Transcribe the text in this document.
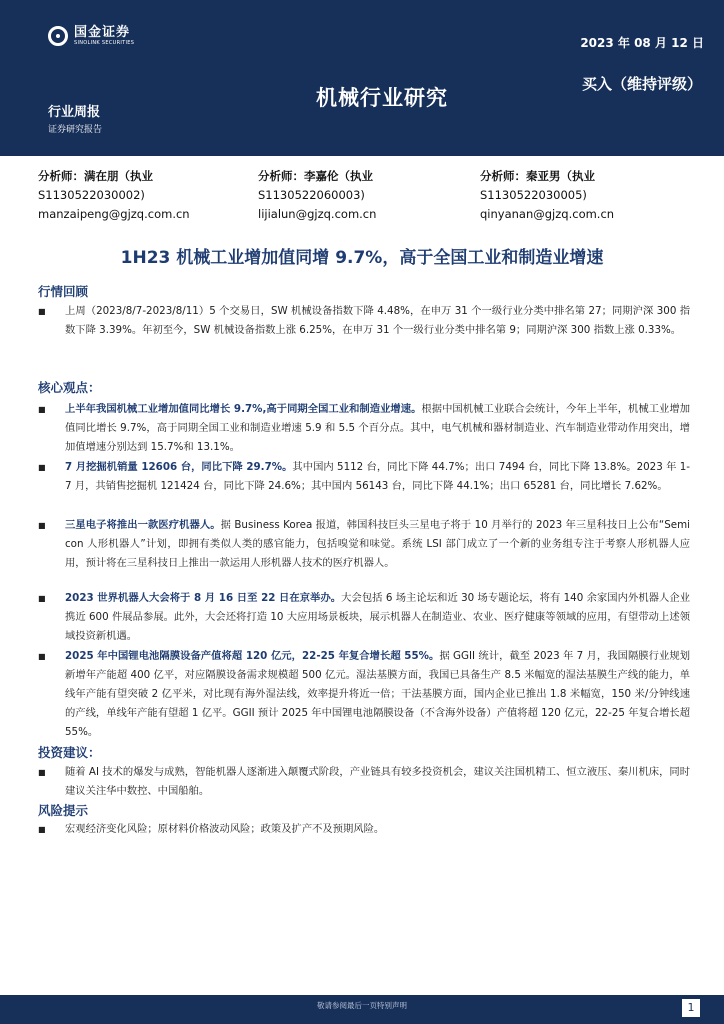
国金证券
SINOLINK SECURITIES	2023 年 08 月 12 日
机械行业研究
买入（维持评级）
行业周报
证券研究报告
分析师：满在朋（执业
S1130522030002)
manzaipeng@gjzq.com.cn
分析师：李嘉伦（执业
S1130522060003)
lijialun@gjzq.com.cn
分析师：秦亚男（执业
S1130522030005)
qinyanan@gjzq.com.cn
1H23 机械工业增加值同增 9.7%，高于全国工业和制造业增速
行情回顾
■	上周（2023/8/7-2023/8/11）5 个交易日，SW 机械设备指数下降 4.48%，在申万 31 个一级行业分类中排名第 27；同期沪深 300 指数下降 3.39%。年初至今，SW 机械设备指数上涨 6.25%，在申万 31 个一级行业分类中排名第 9；同期沪深 300 指数上涨 0.33%。
核心观点：
■	上半年我国机械工业增加值同比增长 9.7%,高于同期全国工业和制造业增速。根据中国机械工业联合会统计，今年上半年，机械工业增加值同比增长 9.7%，高于同期全国工业和制造业增速 5.9 和 5.5 个百分点。其中，电气机械和器材制造业、汽车制造业带动作用突出，增加值增速分别达到 15.7%和 13.1%。
■	7 月挖掘机销量 12606 台，同比下降 29.7%。其中国内 5112 台，同比下降 44.7%；出口 7494 台，同比下降 13.8%。2023 年 1-7 月，共销售挖掘机 121424 台，同比下降 24.6%；其中国内 56143 台，同比下降 44.1%；出口 65281 台，同比增长 7.62%。
■	三星电子将推出一款医疗机器人。据 Business Korea 报道，韩国科技巨头三星电子将于 10 月举行的 2023 年三星科技日上公布“Semicon 人形机器人”计划，即拥有类似人类的感官能力，包括嗅觉和味觉。系统 LSI 部门成立了一个新的业务组专注于考察人形机器人应用，预计将在三星科技日上推出一款运用人形机器人技术的医疗机器人。
■	2023 世界机器人大会将于 8 月 16 日至 22 日在京举办。大会包括 6 场主论坛和近 30 场专题论坛，将有 140 余家国内外机器人企业携近 600 件展品参展。此外，大会还将打造 10 大应用场景板块，展示机器人在制造业、农业、医疗健康等领域的应用，有望带动上述领域投资新机遇。
■	2025 年中国锂电池隔膜设备产值将超 120 亿元，22-25 年复合增长超 55%。据 GGII 统计，截至 2023 年 7 月，我国隔膜行业规划新增年产能超 400 亿平，对应隔膜设备需求规模超 500 亿元。湿法基膜方面，我国已具备生产 8.5 米幅宽的湿法基膜生产线的能力，单线年产能有望突破 2 亿平米，对比现有海外湿法线，效率提升将近一倍；干法基膜方面，国内企业已推出 1.8 米幅宽，150 米/分钟线速的产线，单线年产能有望超 1 亿平。GGII 预计 2025 年中国锂电池隔膜设备（不含海外设备）产值将超 120 亿元，22-25 年复合增长超 55%。
投资建议：
■	随着 AI 技术的爆发与成熟，智能机器人逐渐进入颠覆式阶段，产业链具有较多投资机会，建议关注国机精工、恒立液压、秦川机床，同时建议关注华中数控、中国船舶。
风险提示
■	宏观经济变化风险；原材料价格波动风险；政策及扩产不及预期风险。
敬请参阅最后一页特别声明	1
